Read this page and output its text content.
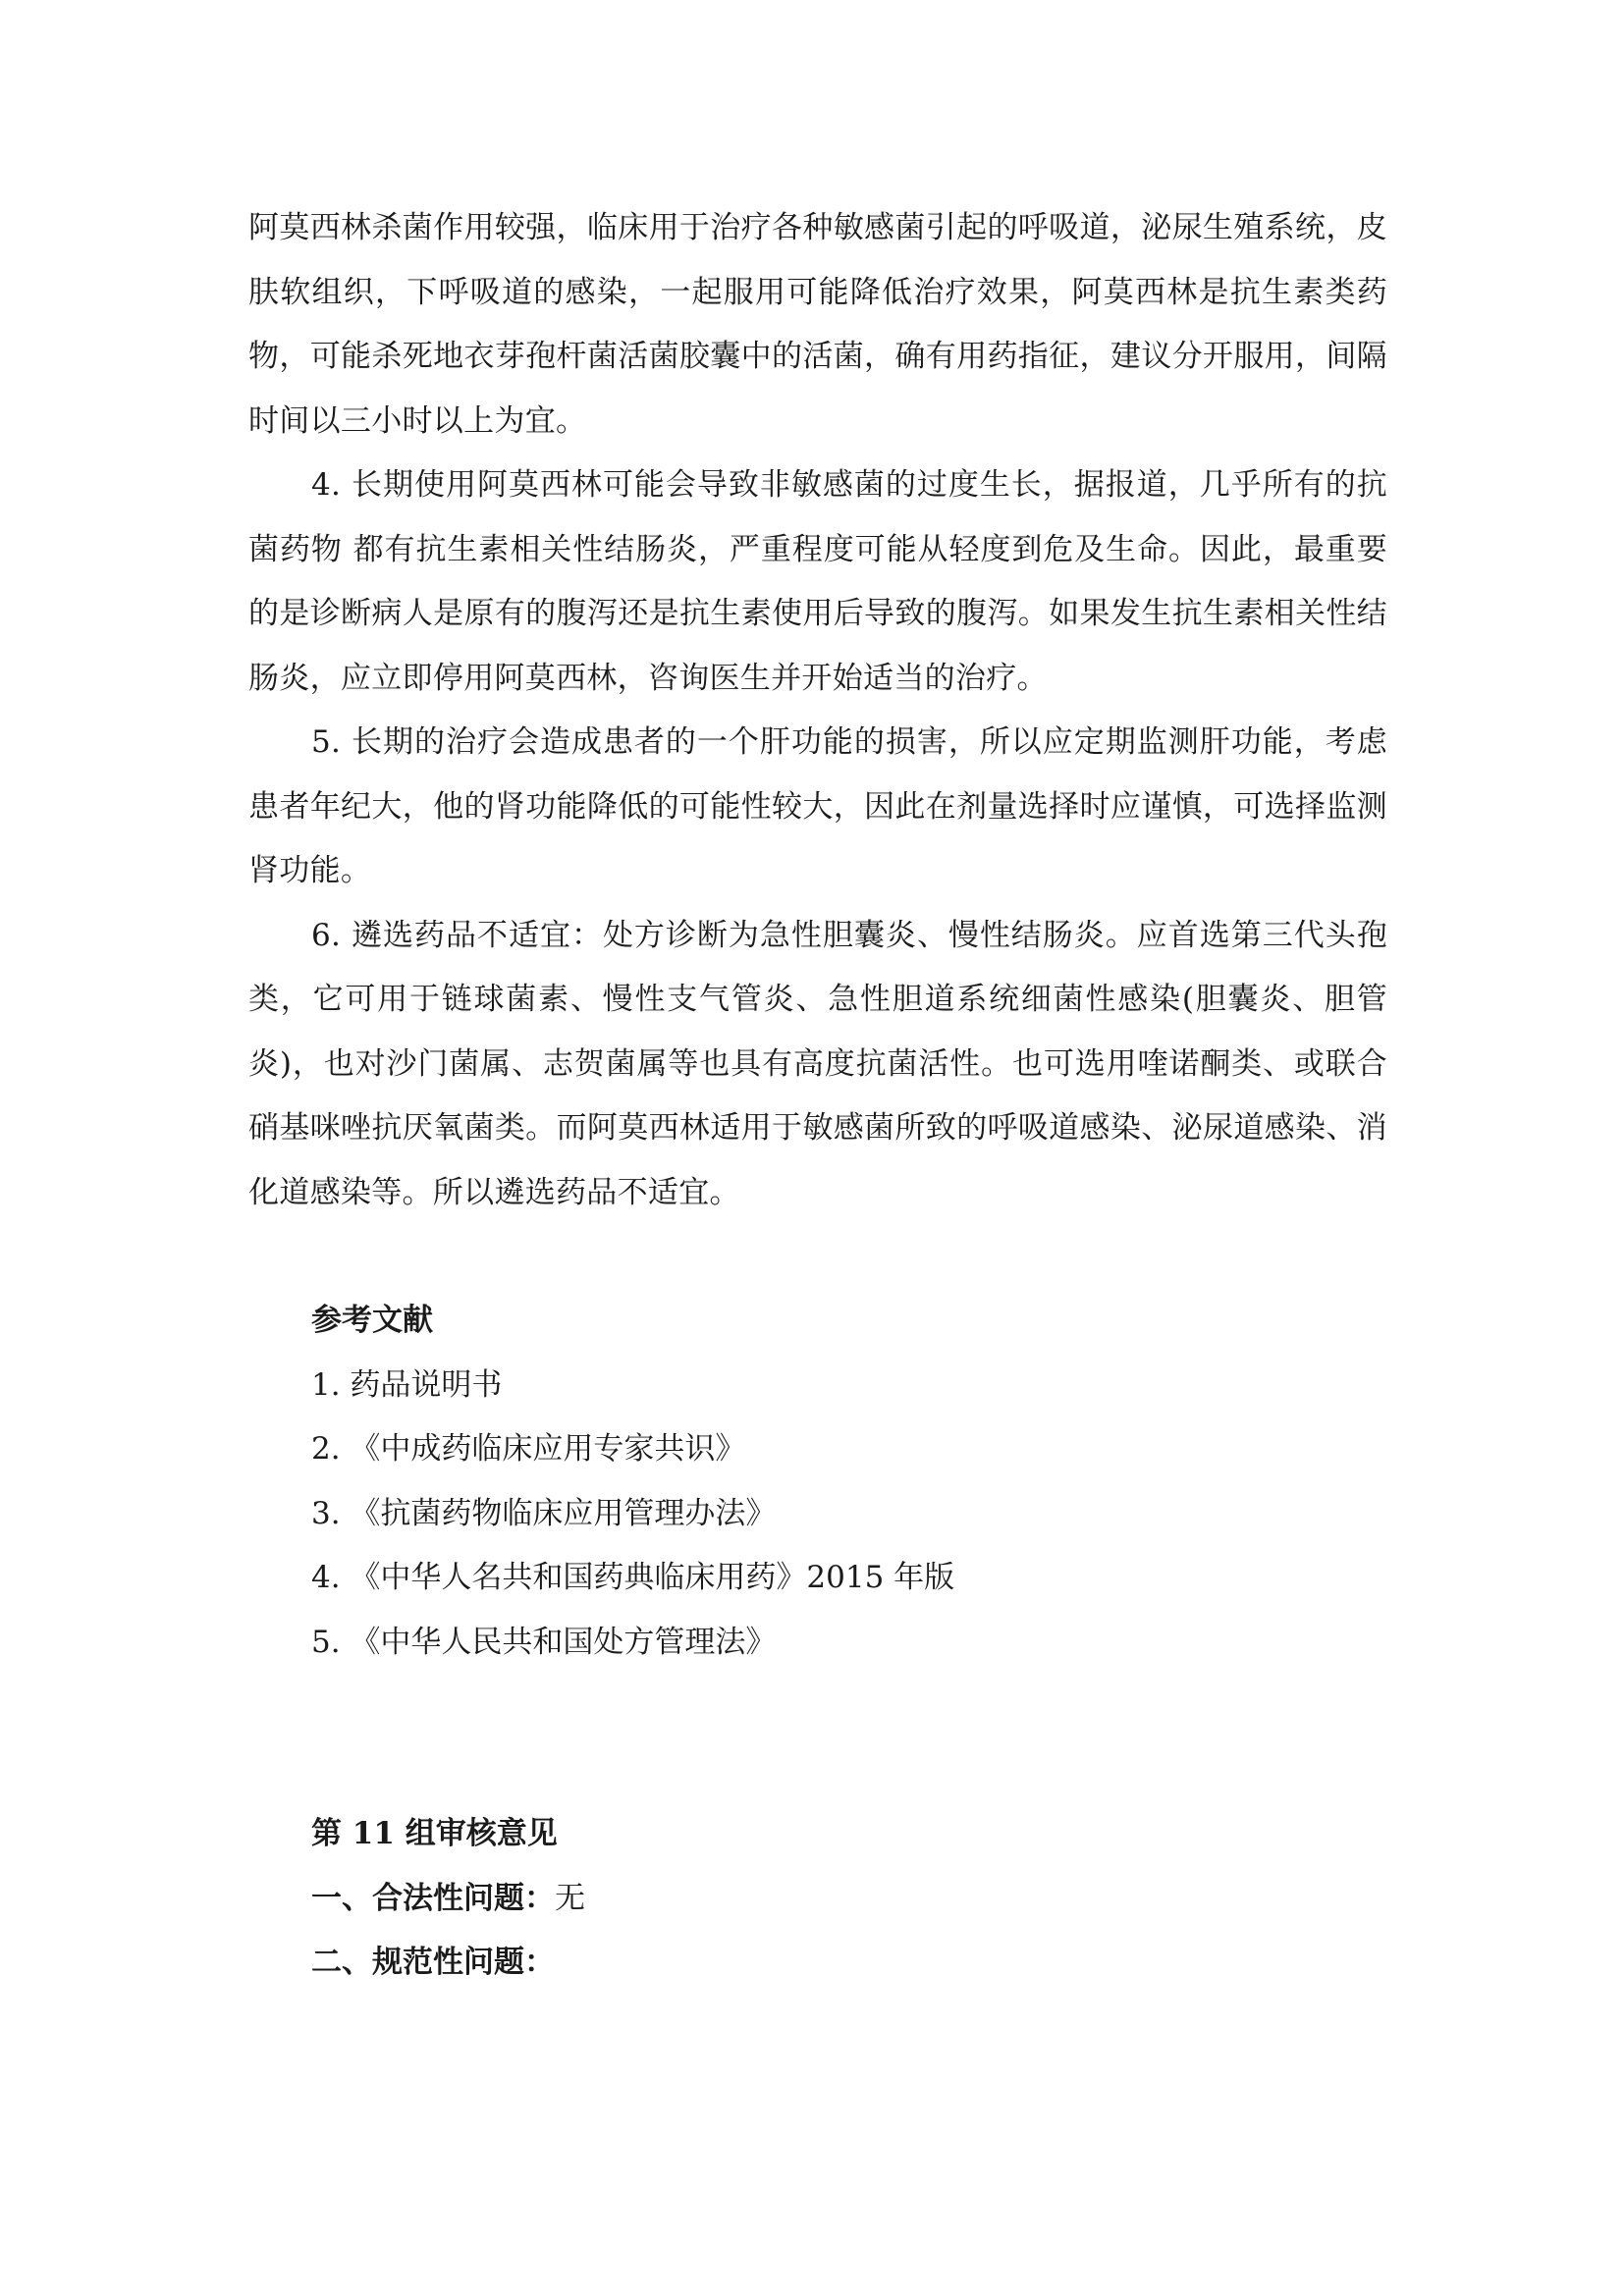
阿莫西林杀菌作用较强，临床用于治疗各种敏感菌引起的呼吸道，泌尿生殖系统，皮肤软组织，下呼吸道的感染，一起服用可能降低治疗效果，阿莫西林是抗生素类药物，可能杀死地衣芽孢杆菌活菌胶囊中的活菌，确有用药指征，建议分开服用，间隔时间以三小时以上为宜。

4. 长期使用阿莫西林可能会导致非敏感菌的过度生长，据报道，几乎所有的抗菌药物 都有抗生素相关性结肠炎，严重程度可能从轻度到危及生命。因此，最重要的是诊断病人是原有的腹泻还是抗生素使用后导致的腹泻。如果发生抗生素相关性结肠炎，应立即停用阿莫西林，咨询医生并开始适当的治疗。

5. 长期的治疗会造成患者的一个肝功能的损害，所以应定期监测肝功能，考虑患者年纪大，他的肾功能降低的可能性较大，因此在剂量选择时应谨慎，可选择监测肾功能。

6. 遴选药品不适宜：处方诊断为急性胆囊炎、慢性结肠炎。应首选第三代头孢类，它可用于链球菌素、慢性支气管炎、急性胆道系统细菌性感染(胆囊炎、胆管炎)，也对沙门菌属、志贺菌属等也具有高度抗菌活性。也可选用喹诺酮类、或联合硝基咪唑抗厌氧菌类。而阿莫西林适用于敏感菌所致的呼吸道感染、泌尿道感染、消化道感染等。所以遴选药品不适宜。

参考文献

1. 药品说明书

2. 《中成药临床应用专家共识》

3. 《抗菌药物临床应用管理办法》

4. 《中华人名共和国药典临床用药》2015 年版

5. 《中华人民共和国处方管理法》

第 11 组审核意见

一、合法性问题：无

二、规范性问题：
